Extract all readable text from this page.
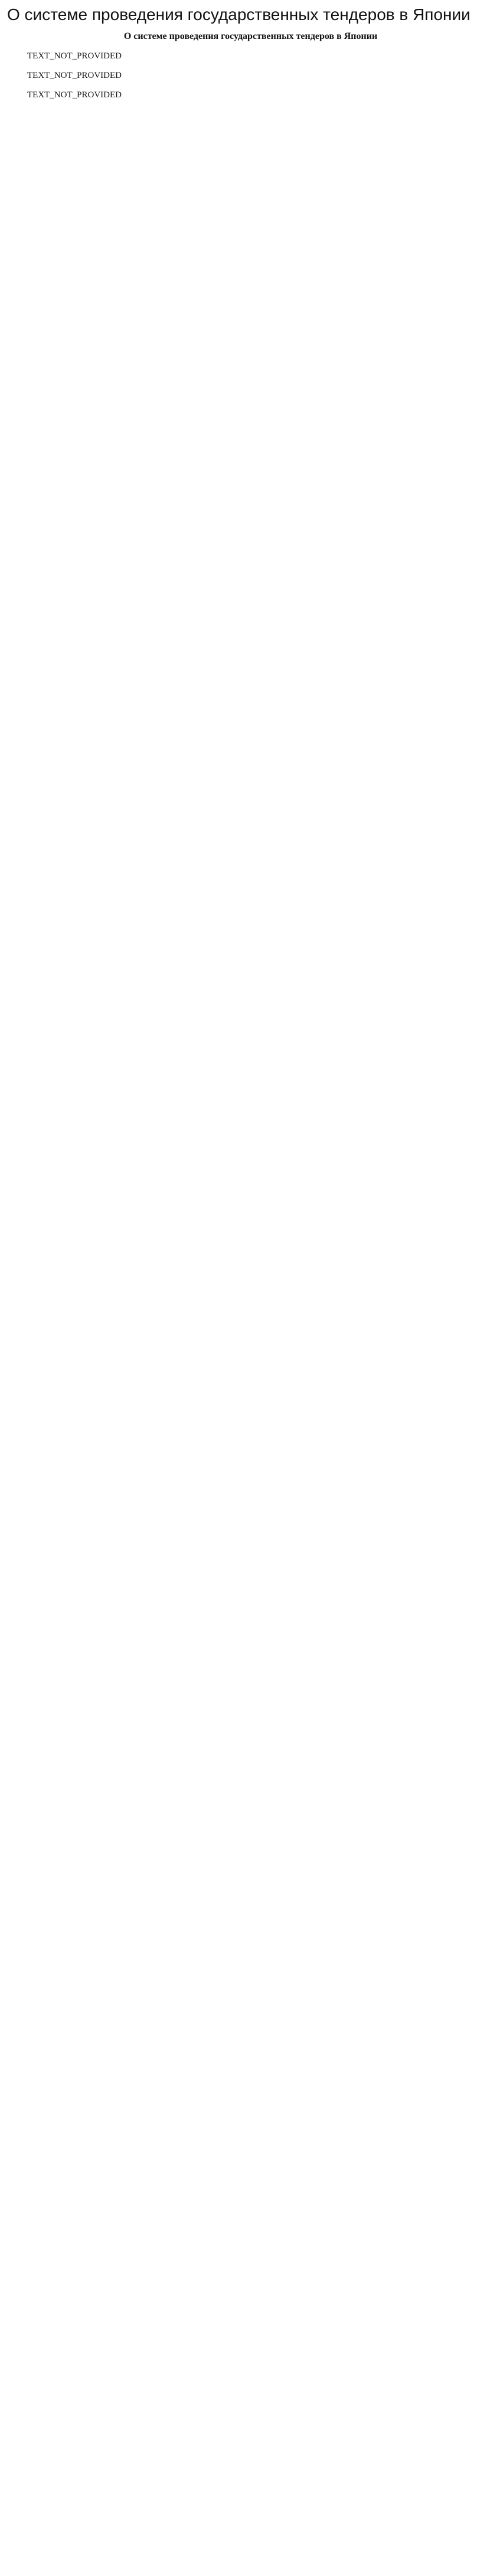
О системе проведения государственных тендеров в Японии
О системе проведения государственных тендеров в Японии

TEXT_NOT_PROVIDED

TEXT_NOT_PROVIDED

TEXT_NOT_PROVIDED
